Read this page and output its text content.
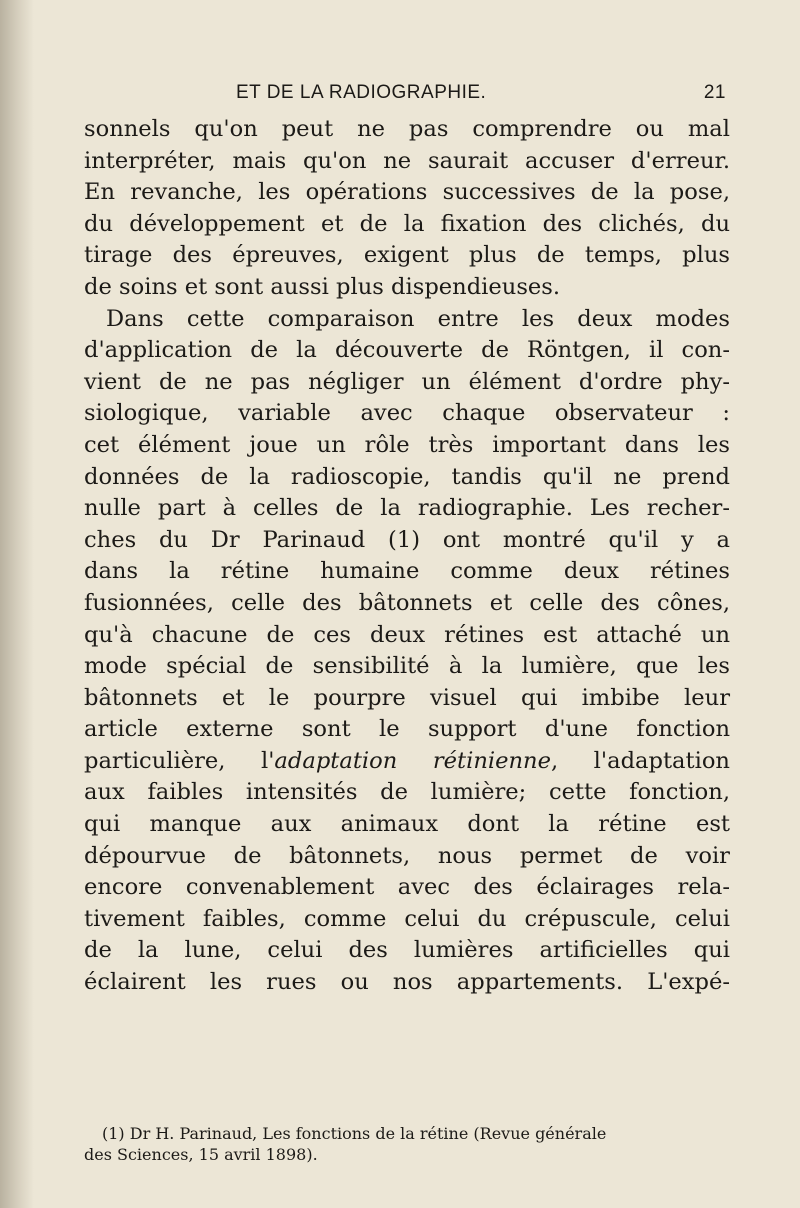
ET DE LA RADIOGRAPHIE.	21
sonnels qu'on peut ne pas comprendre ou mal
interpréter, mais qu'on ne saurait accuser d'erreur.
En revanche, les opérations successives de la pose,
du développement et de la fixation des clichés, du
tirage des épreuves, exigent plus de temps, plus
de soins et sont aussi plus dispendieuses.
Dans cette comparaison entre les deux modes
d'application de la découverte de Röntgen, il con-
vient de ne pas négliger un élément d'ordre phy-
siologique, variable avec chaque observateur :
cet élément joue un rôle très important dans les
données de la radioscopie, tandis qu'il ne prend
nulle part à celles de la radiographie. Les recher-
ches du Dr Parinaud (1) ont montré qu'il y a
dans la rétine humaine comme deux rétines
fusionnées, celle des bâtonnets et celle des cônes,
qu'à chacune de ces deux rétines est attaché un
mode spécial de sensibilité à la lumière, que les
bâtonnets et le pourpre visuel qui imbibe leur
article externe sont le support d'une fonction
particulière, l'adaptation rétinienne, l'adaptation
aux faibles intensités de lumière; cette fonction,
qui manque aux animaux dont la rétine est
dépourvue de bâtonnets, nous permet de voir
encore convenablement avec des éclairages rela-
tivement faibles, comme celui du crépuscule, celui
de la lune, celui des lumières artificielles qui
éclairent les rues ou nos appartements. L'expé-
(1) Dr H. Parinaud, Les fonctions de la rétine (Revue générale
des Sciences, 15 avril 1898).
